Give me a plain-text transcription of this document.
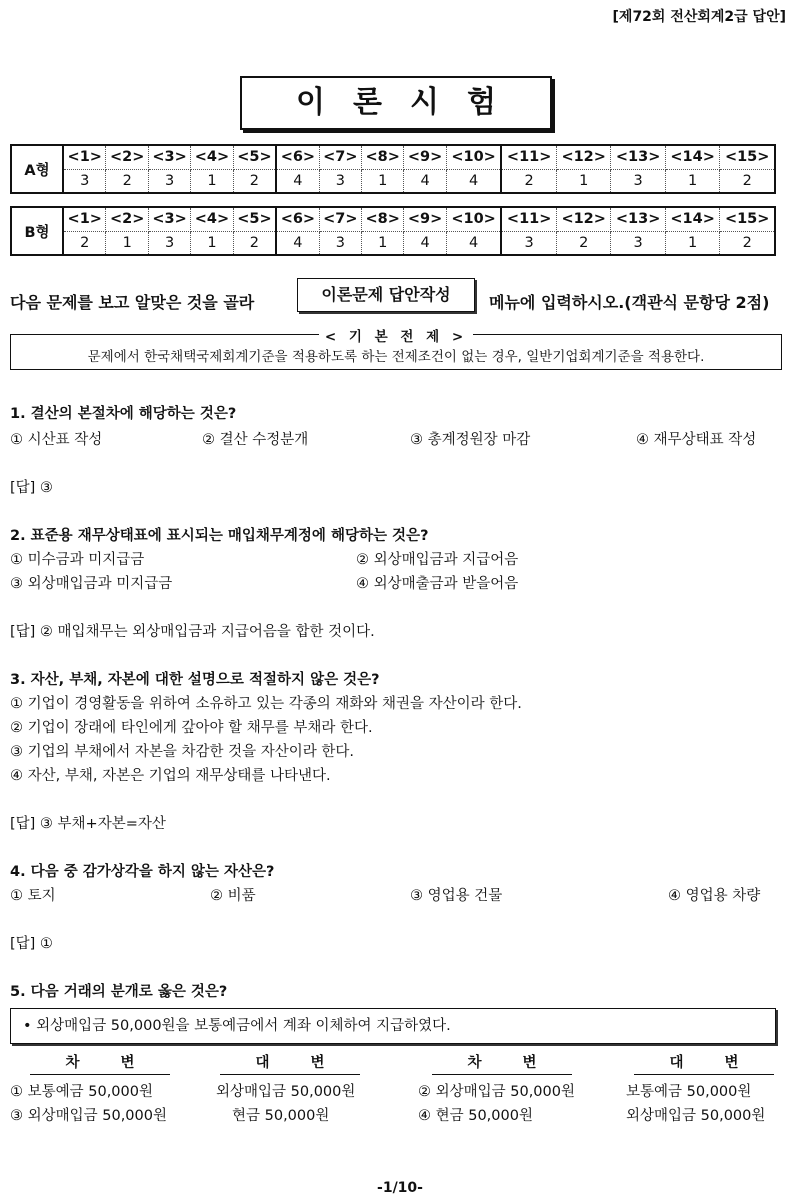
[제72회 전산회계2급 답안]
이론시험
A형	<1>	<2>	<3>	<4>	<5>	<6>	<7>	<8>	<9>	<10>	<11>	<12>	<13>	<14>	<15>
	3	2	3	1	2	4	3	1	4	4	2	1	3	1	2
B형	<1>	<2>	<3>	<4>	<5>	<6>	<7>	<8>	<9>	<10>	<11>	<12>	<13>	<14>	<15>
	2	1	3	1	2	4	3	1	4	4	3	2	3	1	2
다음 문제를 보고 알맞은 것을 골라	이론문제 답안작성	메뉴에 입력하시오.(객관식 문항당 2점)
< 기 본 전 제 >
문제에서 한국채택국제회계기준을 적용하도록 하는 전제조건이 없는 경우, 일반기업회계기준을 적용한다.
1. 결산의 본절차에 해당하는 것은?
① 시산표 작성	② 결산 수정분개	③ 총계정원장 마감	④ 재무상태표 작성
[답] ③
2. 표준용 재무상태표에 표시되는 매입채무계정에 해당하는 것은?
① 미수금과 미지급금	② 외상매입금과 지급어음
③ 외상매입금과 미지급금	④ 외상매출금과 받을어음
[답] ② 매입채무는 외상매입금과 지급어음을 합한 것이다.
3. 자산, 부채, 자본에 대한 설명으로 적절하지 않은 것은?
① 기업이 경영활동을 위하여 소유하고 있는 각종의 재화와 채권을 자산이라 한다.
② 기업이 장래에 타인에게 갚아야 할 채무를 부채라 한다.
③ 기업의 부채에서 자본을 차감한 것을 자산이라 한다.
④ 자산, 부채, 자본은 기업의 재무상태를 나타낸다.
[답] ③ 부채+자본=자산
4. 다음 중 감가상각을 하지 않는 자산은?
① 토지	② 비품	③ 영업용 건물	④ 영업용 차량
[답] ①
5. 다음 거래의 분개로 옳은 것은?
• 외상매입금 50,000원을 보통예금에서 계좌 이체하여 지급하였다.
차 변	대 변	차 변	대 변
① 보통예금 50,000원	외상매입금 50,000원	② 외상매입금 50,000원	보통예금 50,000원
③ 외상매입금 50,000원	현금 50,000원	④ 현금 50,000원	외상매입금 50,000원
-1/10-
